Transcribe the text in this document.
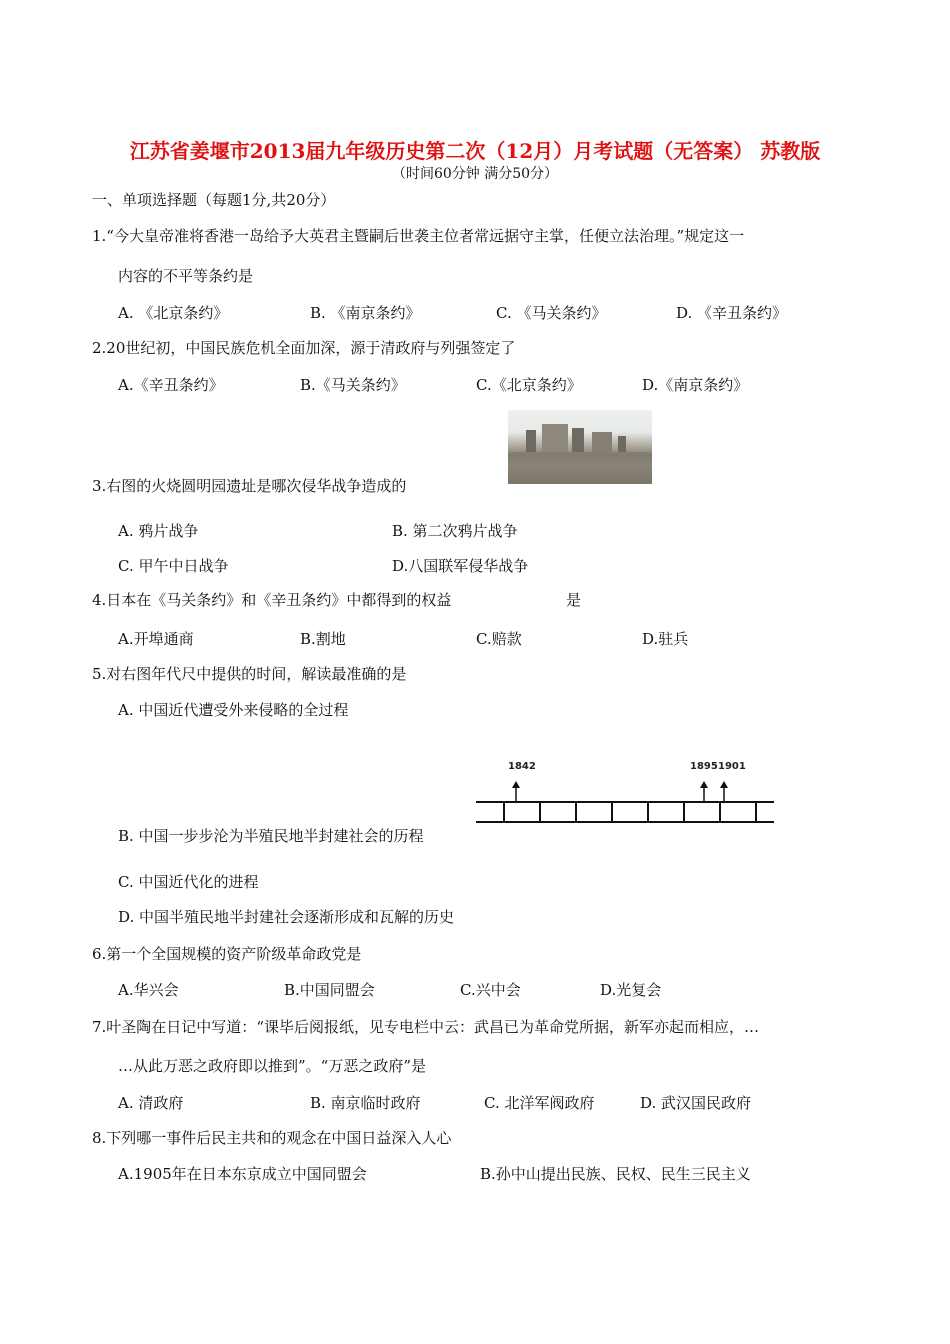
江苏省姜堰市2013届九年级历史第二次（12月）月考试题（无答案） 苏教版
（时间60分钟 满分50分）
一、单项选择题（每题1分,共20分）
1.“今大皇帝准将香港一岛给予大英君主暨嗣后世袭主位者常远据守主掌，任便立法治理。”规定这一
内容的不平等条约是
A. 《北京条约》	B. 《南京条约》	C. 《马关条约》	D. 《辛丑条约》
2.20世纪初，中国民族危机全面加深，源于清政府与列强签定了
A.《辛丑条约》	B.《马关条约》	C.《北京条约》	D.《南京条约》
3.右图的火烧圆明园遗址是哪次侵华战争造成的
A. 鸦片战争	B. 第二次鸦片战争
C. 甲午中日战争	D.八国联军侵华战争
4.日本在《马关条约》和《辛丑条约》中都得到的权益	是
A.开埠通商	B.割地	C.赔款	D.驻兵
5.对右图年代尺中提供的时间，解读最准确的是
A. 中国近代遭受外来侵略的全过程
1842	1895 1901
B. 中国一步步沦为半殖民地半封建社会的历程
C. 中国近代化的进程
D. 中国半殖民地半封建社会逐渐形成和瓦解的历史
6.第一个全国规模的资产阶级革命政党是
A.华兴会	B.中国同盟会	C.兴中会	D.光复会
7.叶圣陶在日记中写道：“课毕后阅报纸，见专电栏中云：武昌已为革命党所据，新军亦起而相应，…
…从此万恶之政府即以推到”。“万恶之政府”是
A. 清政府	B. 南京临时政府	C. 北洋军阀政府	D. 武汉国民政府
8.下列哪一事件后民主共和的观念在中国日益深入人心
A.1905年在日本东京成立中国同盟会	B.孙中山提出民族、民权、民生三民主义
